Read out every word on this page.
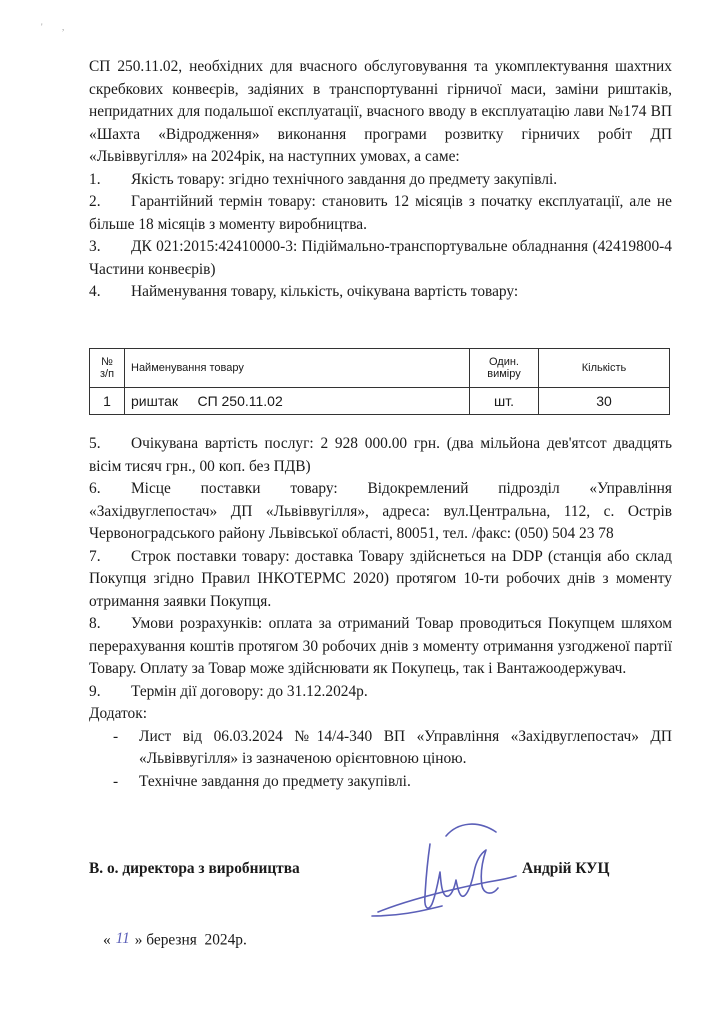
' ,

СП 250.11.02, необхідних для вчасного обслуговування та укомплектування шахтних скребкових конвеєрів, задіяних в транспортуванні гірничої маси, заміни риштаків, непридатних для подальшої експлуатації, вчасного вводу в експлуатацію лави №174 ВП «Шахта «Відродження» виконання програми розвитку гірничих робіт ДП «Львіввугілля» на 2024рік, на наступних умовах, а саме:

1. Якість товару: згідно технічного завдання до предмету закупівлі.

2. Гарантійний термін товару: становить 12 місяців з початку експлуатації, але не більше 18 місяців з моменту виробництва.

3. ДК 021:2015:42410000-3: Підіймально-транспортувальне обладнання (42419800-4 Частини конвеєрів)

4. Найменування товару, кількість, очікувана вартість товару:

№ з/п	Найменування товару	Один. виміру	Кількість
1	риштак     СП 250.11.02	шт.	30

5. Очікувана вартість послуг: 2 928 000.00 грн. (два мільйона дев'ятсот двадцять вісім тисяч грн., 00 коп. без ПДВ)

6. Місце поставки товару: Відокремлений підрозділ «Управління «Західвуглепостач» ДП «Львіввугілля», адреса: вул.Центральна, 112, с. Острів Червоноградського району Львівської області, 80051, тел. /факс: (050) 504 23 78

7. Строк поставки товару: доставка Товару здійснеться на DDP (станція або склад Покупця згідно Правил ІНКОТЕРМС 2020) протягом 10-ти робочих днів з моменту отримання заявки Покупця.

8. Умови розрахунків: оплата за отриманий Товар проводиться Покупцем шляхом перерахування коштів протягом 30 робочих днів з моменту отримання узгодженої партії Товару. Оплату за Товар може здійснювати як Покупець, так і Вантажоодержувач.

9. Термін дії договору: до 31.12.2024р.

Додаток:

- Лист від 06.03.2024 №14/4-340 ВП «Управління «Західвуглепостач» ДП «Львіввугілля» із зазначеною орієнтовною ціною.
- Технічне завдання до предмету закупівлі.
В. о. директора з виробництва	Андрій КУЦ
« 11 » березня  2024р.
